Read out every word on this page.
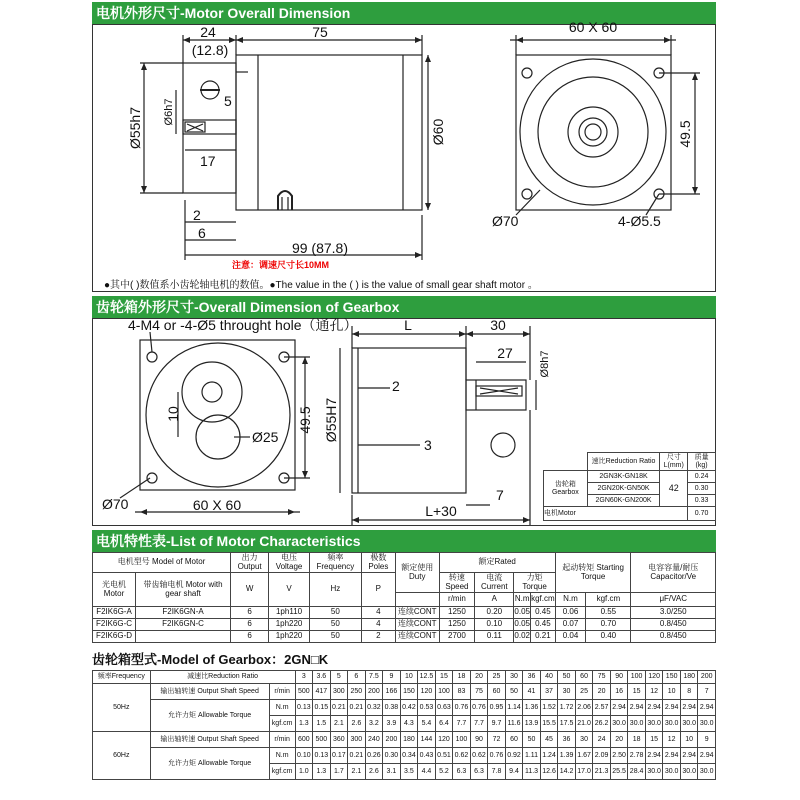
电机外形尺寸-Motor Overall Dimension
24
(12.8)
75
5
Ø6h7
Ø55h7	Ø60
17
2
6
99 (87.8)
60 X 60
49.5
Ø70	4-Ø5.5
注意：调速尺寸长10MM
●其中( )数值系小齿轮轴电机的数值。●The value in the ( ) is the value of small gear shaft motor 。
齿轮箱外形尺寸-Overall Dimension of Gearbox
4-M4 or -4-Ø5 throught hole（通孔）
10
Ø25
49.5
Ø70	60 X 60
L	30
27 Ø8h7
2
Ø55H7
3
7
L+30
	速比Reduction Ratio	尺寸 L(mm)	质量 (kg)
齿轮箱 Gearbox	2GN3K-GN18K	42	0.24
	2GN20K-GN50K		0.30
	2GN60K-GN200K		0.33
电机Motor			0.70
电机特性表-List of Motor Characteristics
电机型号 Model of Motor		出力 Output	电压 Voltage	频率 Frequency	极数 Poles	额定使用 Duty	额定Rated				起动转矩 Starting Torque		电容容量/耐压 Capacitor/Ve
光电机 Motor	带齿轴电机 Motor with gear shaft	W	V	Hz	P		转速Speed	电流Current	力矩Torque				
							r/min	A	N.m	kgf.cm	N.m	kgf.cm	μF/VAC
F2IK6G-A	F2IK6GN-A	6	1ph110	50	4	连续CONT	1250	0.20	0.05	0.45	0.06	0.55	3.0/250
F2IK6G-C	F2IK6GN-C	6	1ph220	50	4	连续CONT	1250	0.10	0.05	0.45	0.07	0.70	0.8/450
F2IK6G-D		6	1ph220	50	2	连续CONT	2700	0.11	0.02	0.21	0.04	0.40	0.8/450
齿轮箱型式-Model of Gearbox：2GN□K
频率Frequency	减速比Reduction Ratio		3	3.6	5	6	7.5	9	10	12.5	15	18	20	25	30	36	40	50	60	75	90	100	120	150	180	200
50Hz	输出轴转速 Output Shaft Speed	r/min	500	417	300	250	200	166	150	120	100	83	75	60	50	41	37	30	25	20	16	15	12	10	8	7
	允许力矩 Allowable Torque	N.m	0.13	0.15	0.21	0.21	0.32	0.38	0.42	0.53	0.63	0.76	0.76	0.95	1.14	1.36	1.52	1.72	2.06	2.57	2.94	2.94	2.94	2.94	2.94	2.94
		kgf.cm	1.3	1.5	2.1	2.6	3.2	3.9	4.3	5.4	6.4	7.7	7.7	9.7	11.6	13.9	15.5	17.5	21.0	26.2	30.0	30.0	30.0	30.0	30.0	30.0
60Hz	输出轴转速 Output Shaft Speed	r/min	600	500	360	300	240	200	180	144	120	100	90	72	60	50	45	36	30	24	20	18	15	12	10	9
	允许力矩 Allowable Torque	N.m	0.10	0.13	0.17	0.21	0.26	0.30	0.34	0.43	0.51	0.62	0.62	0.76	0.92	1.11	1.24	1.39	1.67	2.09	2.50	2.78	2.94	2.94	2.94	2.94
		kgf.cm	1.0	1.3	1.7	2.1	2.6	3.1	3.5	4.4	5.2	6.3	6.3	7.8	9.4	11.3	12.6	14.2	17.0	21.3	25.5	28.4	30.0	30.0	30.0	30.0
